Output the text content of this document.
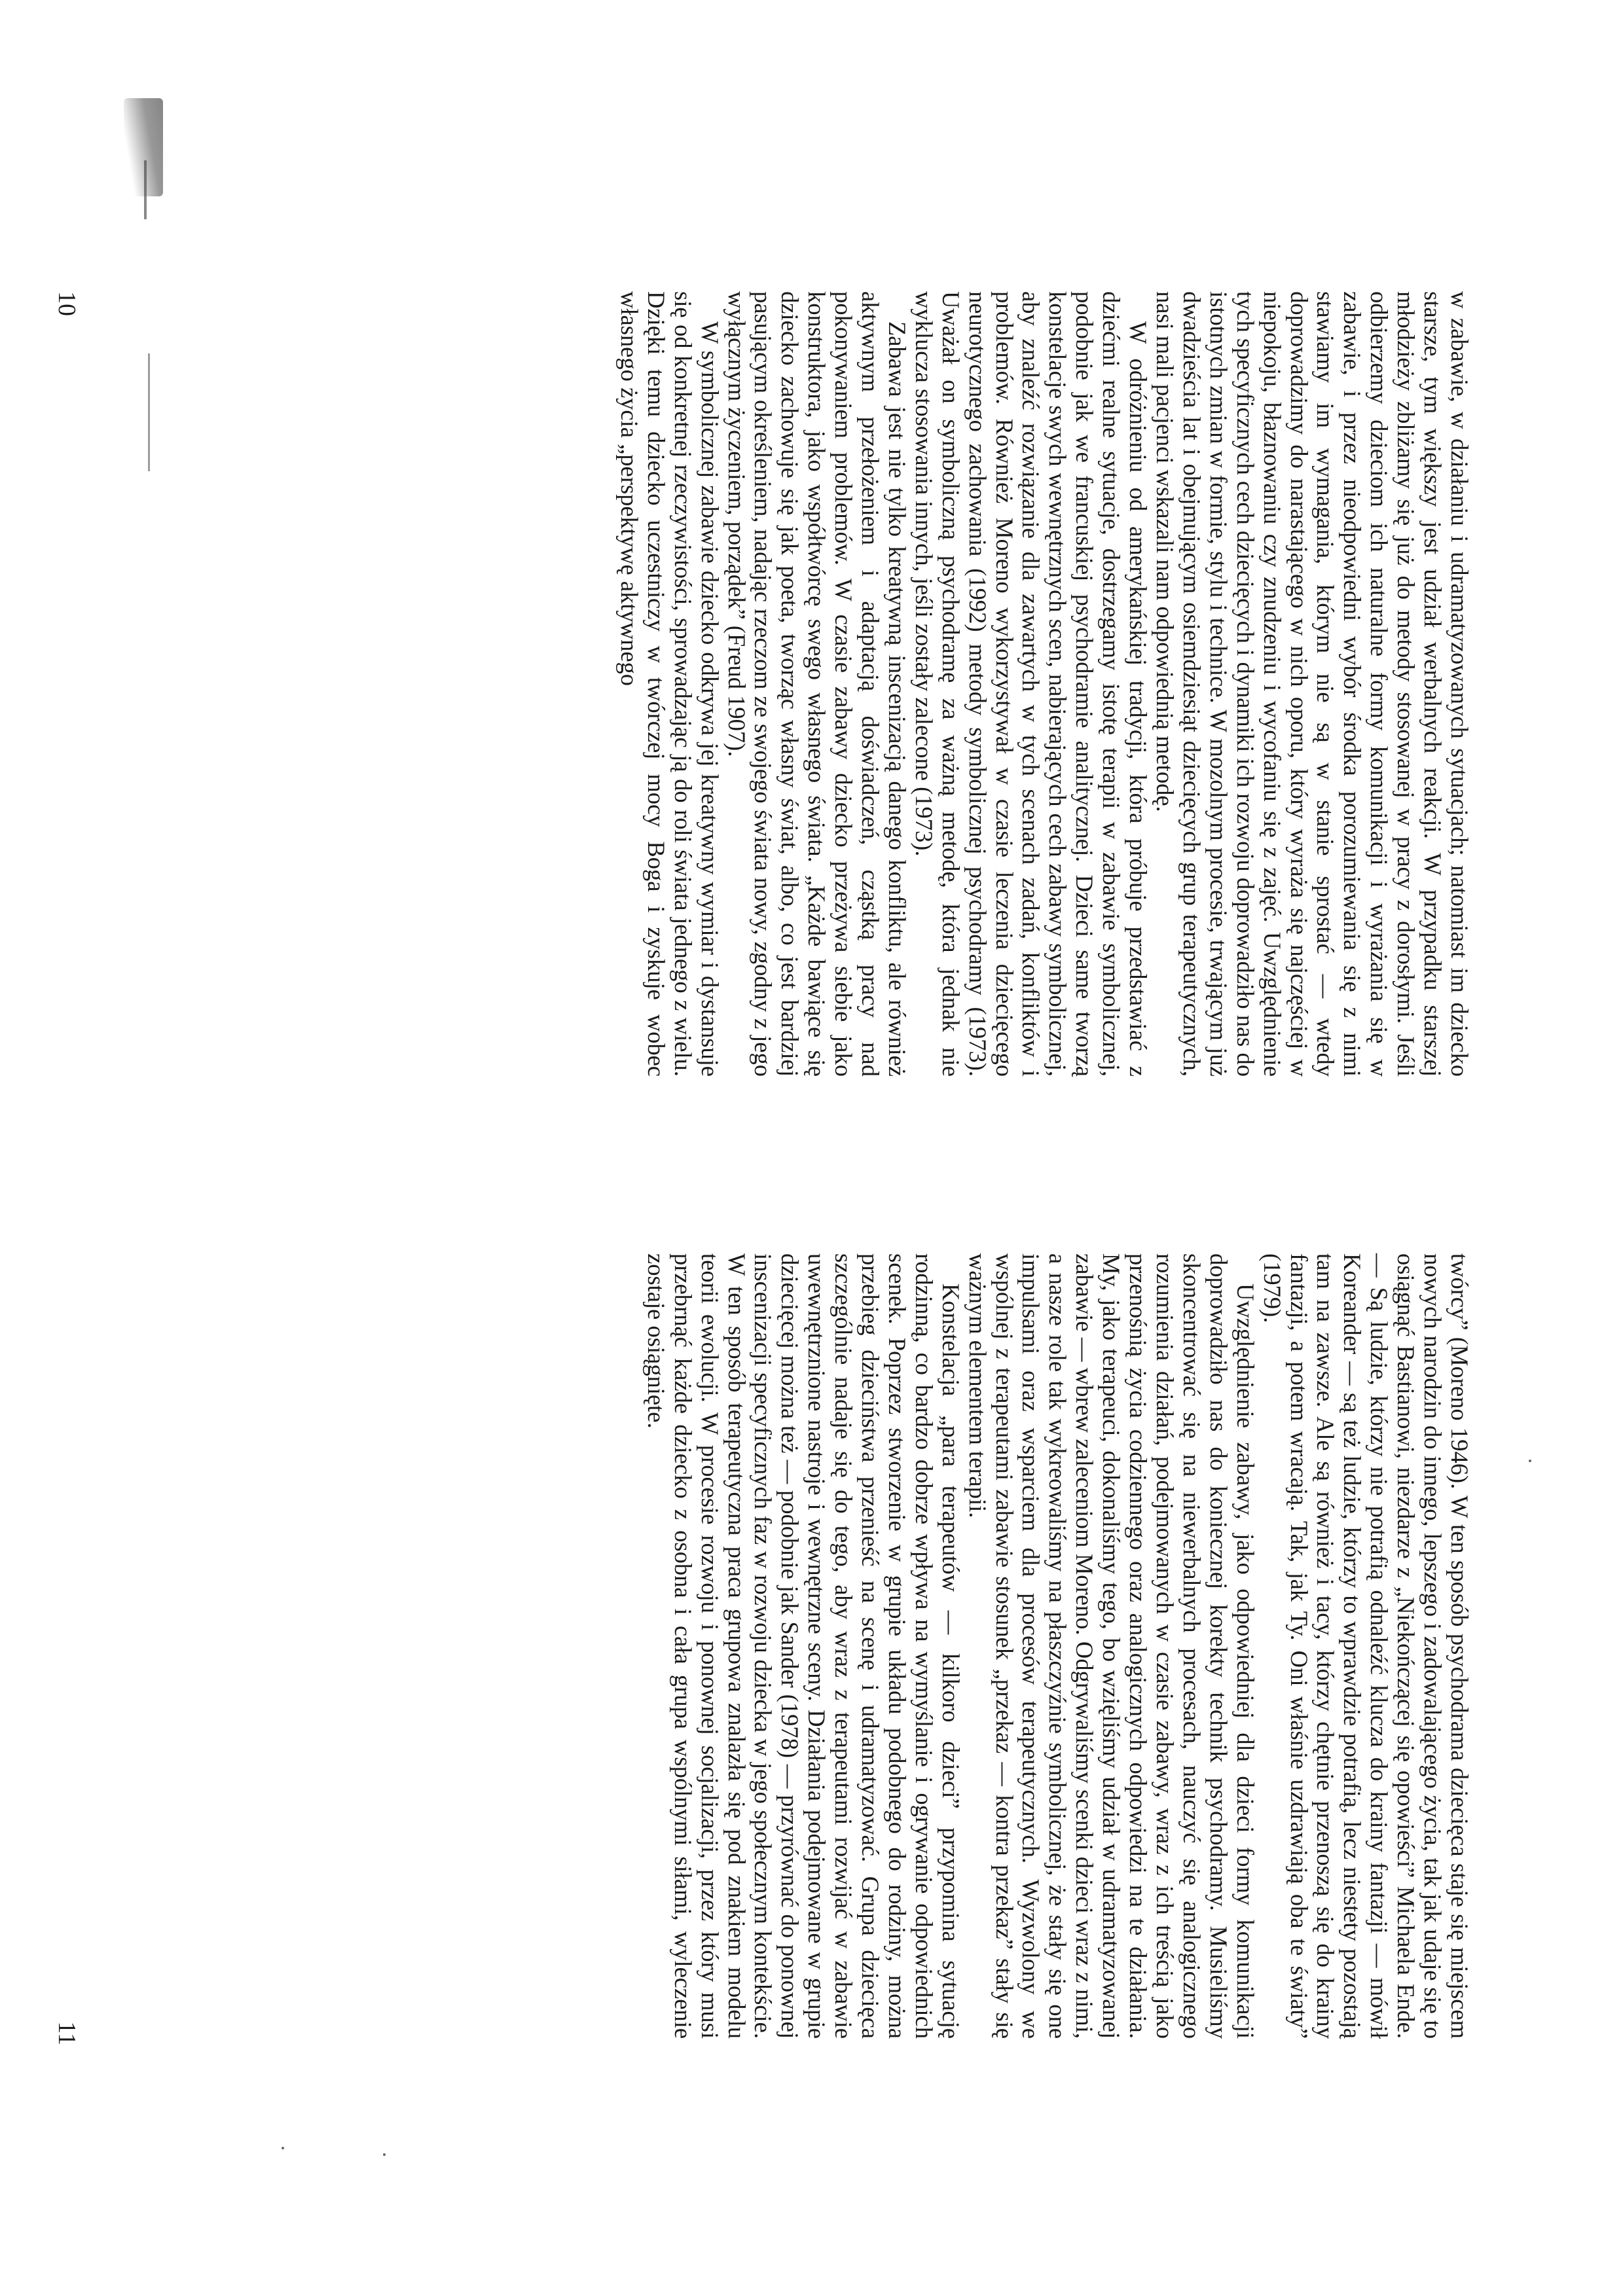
w zabawie, w działaniu i udramatyzowanych sytuacjach; natomiast im dziecko starsze, tym większy jest udział werbalnych reakcji. W przypadku starszej młodzieży zbliżamy się już do metody stosowanej w pracy z dorosłymi. Jeśli odbierzemy dzieciom ich naturalne formy komunikacji i wyrażania się w zabawie, i przez nieodpowiedni wybór środka porozumiewania się z nimi stawiamy im wymagania, którym nie są w stanie sprostać — wtedy doprowadzimy do narastającego w nich oporu, który wyraża się najczęściej w niepokoju, błaznowaniu czy znudzeniu i wycofaniu się z zajęć. Uwzględnienie tych specyficznych cech dziecięcych i dynamiki ich rozwoju doprowadziło nas do istotnych zmian w formie, stylu i technice. W mozolnym procesie, trwającym już dwadzieścia lat i obejmującym osiemdziesiąt dziecięcych grup terapeutycznych, nasi mali pacjenci wskazali nam odpowiednią metodę.

W odróżnieniu od amerykańskiej tradycji, która próbuje przedstawiać z dziećmi realne sytuacje, dostrzegamy istotę terapii w zabawie symbolicznej, podobnie jak we francuskiej psychodramie analitycznej. Dzieci same tworzą konstelacje swych wewnętrznych scen, nabierających cech zabawy symbolicznej, aby znaleźć rozwiązanie dla zawartych w tych scenach zadań, konfliktów i problemów. Również Moreno wykorzystywał w czasie leczenia dziecięcego neurotycznego zachowania (1992) metody symbolicznej psychodramy (1973). Uważał on symboliczną psychodramę za ważną metodę, która jednak nie wyklucza stosowania innych, jeśli zostały zalecone (1973).

Zabawa jest nie tylko kreatywną inscenizacją danego konfliktu, ale również aktywnym przełożeniem i adaptacją doświadczeń, cząstką pracy nad pokonywaniem problemów. W czasie zabawy dziecko przeżywa siebie jako konstruktora, jako współtwórcę swego własnego świata. „Każde bawiące się dziecko zachowuje się jak poeta, tworząc własny świat, albo, co jest bardziej pasującym określeniem, nadając rzeczom ze swojego świata nowy, zgodny z jego wyłącznym życzeniem, porządek” (Freud 1907).

W symbolicznej zabawie dziecko odkrywa jej kreatywny wymiar i dystansuje się od konkretnej rzeczywistości, sprowadzając ją do roli świata jednego z wielu. Dzięki temu dziecko uczestniczy w twórczej mocy Boga i zyskuje wobec własnego życia „perspektywę aktywnego

10

twórcy” (Moreno 1946). W ten sposób psychodrama dziecięca staje się miejscem nowych narodzin do innego, lepszego i zadowalającego życia, tak jak udaje się to osiągnąć Bastianowi, niezdarze z „Niekończącej się opowieści” Michaela Ende. — Są ludzie, którzy nie potrafią odnaleźć klucza do krainy fantazji — mówił Koreander — są też ludzie, którzy to wprawdzie potrafią, lecz niestety pozostają tam na zawsze. Ale są również i tacy, którzy chętnie przenoszą się do krainy fantazji, a potem wracają. Tak, jak Ty. Oni właśnie uzdrawiają oba te światy” (1979).

Uwzględnienie zabawy, jako odpowiedniej dla dzieci formy komunikacji doprowadziło nas do koniecznej korekty technik psychodramy. Musieliśmy skoncentrować się na niewerbalnych procesach, nauczyć się analogicznego rozumienia działań, podejmowanych w czasie zabawy, wraz z ich treścią jako przenośnią życia codziennego oraz analogicznych odpowiedzi na te działania. My, jako terapeuci, dokonaliśmy tego, bo wzięliśmy udział w udramatyzowanej zabawie — wbrew zaleceniom Moreno. Odgrywaliśmy scenki dzieci wraz z nimi, a nasze role tak wykreowaliśmy na płaszczyźnie symbolicznej, że stały się one impulsami oraz wsparciem dla procesów terapeutycznych. Wyzwolony we wspólnej z terapeutami zabawie stosunek „przekaz — kontra przekaz” stały się ważnym elementem terapii.

Konstelacja „para terapeutów — kilkoro dzieci” przypomina sytuację rodzinną, co bardzo dobrze wpływa na wymyślanie i ogrywanie odpowiednich scenek. Poprzez stworzenie w grupie układu podobnego do rodziny, można przebieg dzieciństwa przenieść na scenę i udramatyzować. Grupa dziecięca szczególnie nadaje się do tego, aby wraz z terapeutami rozwijać w zabawie uwewnętrznione nastroje i wewnętrzne sceny. Działania podejmowane w grupie dziecięcej można też — podobnie jak Sander (1978) — przyrównać do ponownej inscenizacji specyficznych faz w rozwoju dziecka w jego społecznym kontekście. W ten sposób terapeutyczna praca grupowa znalazła się pod znakiem modelu teorii ewolucji. W procesie rozwoju i ponownej socjalizacji, przez który musi przebrnąć każde dziecko z osobna i cała grupa wspólnymi siłami, wyleczenie zostaje osiągnięte.

11
